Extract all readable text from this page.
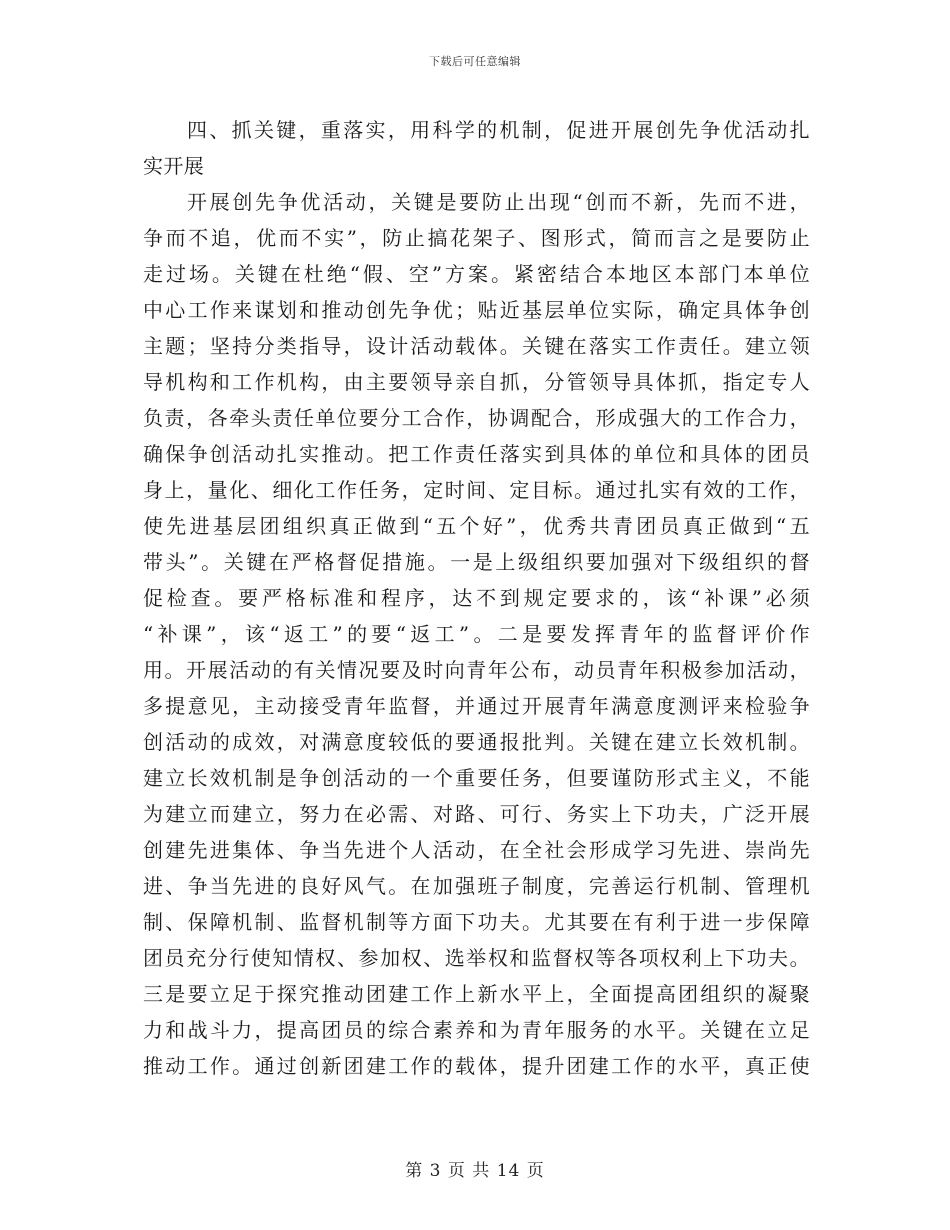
下载后可任意编辑
四、抓关键，重落实，用科学的机制，促进开展创先争优活动扎
实开展
开展创先争优活动，关键是要防止出现“创而不新，先而不进，
争而不追，优而不实”，防止搞花架子、图形式，简而言之是要防止
走过场。关键在杜绝“假、空”方案。紧密结合本地区本部门本单位
中心工作来谋划和推动创先争优；贴近基层单位实际，确定具体争创
主题；坚持分类指导，设计活动载体。关键在落实工作责任。建立领
导机构和工作机构，由主要领导亲自抓，分管领导具体抓，指定专人
负责，各牵头责任单位要分工合作，协调配合，形成强大的工作合力，
确保争创活动扎实推动。把工作责任落实到具体的单位和具体的团员
身上，量化、细化工作任务，定时间、定目标。通过扎实有效的工作，
使先进基层团组织真正做到“五个好”，优秀共青团员真正做到“五
带头”。关键在严格督促措施。一是上级组织要加强对下级组织的督
促检查。要严格标准和程序，达不到规定要求的，该“补课”必须
“补课”，该“返工”的要“返工”。二是要发挥青年的监督评价作
用。开展活动的有关情况要及时向青年公布，动员青年积极参加活动，
多提意见，主动接受青年监督，并通过开展青年满意度测评来检验争
创活动的成效，对满意度较低的要通报批判。关键在建立长效机制。
建立长效机制是争创活动的一个重要任务，但要谨防形式主义，不能
为建立而建立，努力在必需、对路、可行、务实上下功夫，广泛开展
创建先进集体、争当先进个人活动，在全社会形成学习先进、崇尚先
进、争当先进的良好风气。在加强班子制度，完善运行机制、管理机
制、保障机制、监督机制等方面下功夫。尤其要在有利于进一步保障
团员充分行使知情权、参加权、选举权和监督权等各项权利上下功夫。
三是要立足于探究推动团建工作上新水平上，全面提高团组织的凝聚
力和战斗力，提高团员的综合素养和为青年服务的水平。关键在立足
推动工作。通过创新团建工作的载体，提升团建工作的水平，真正使
第 3 页 共 14 页
